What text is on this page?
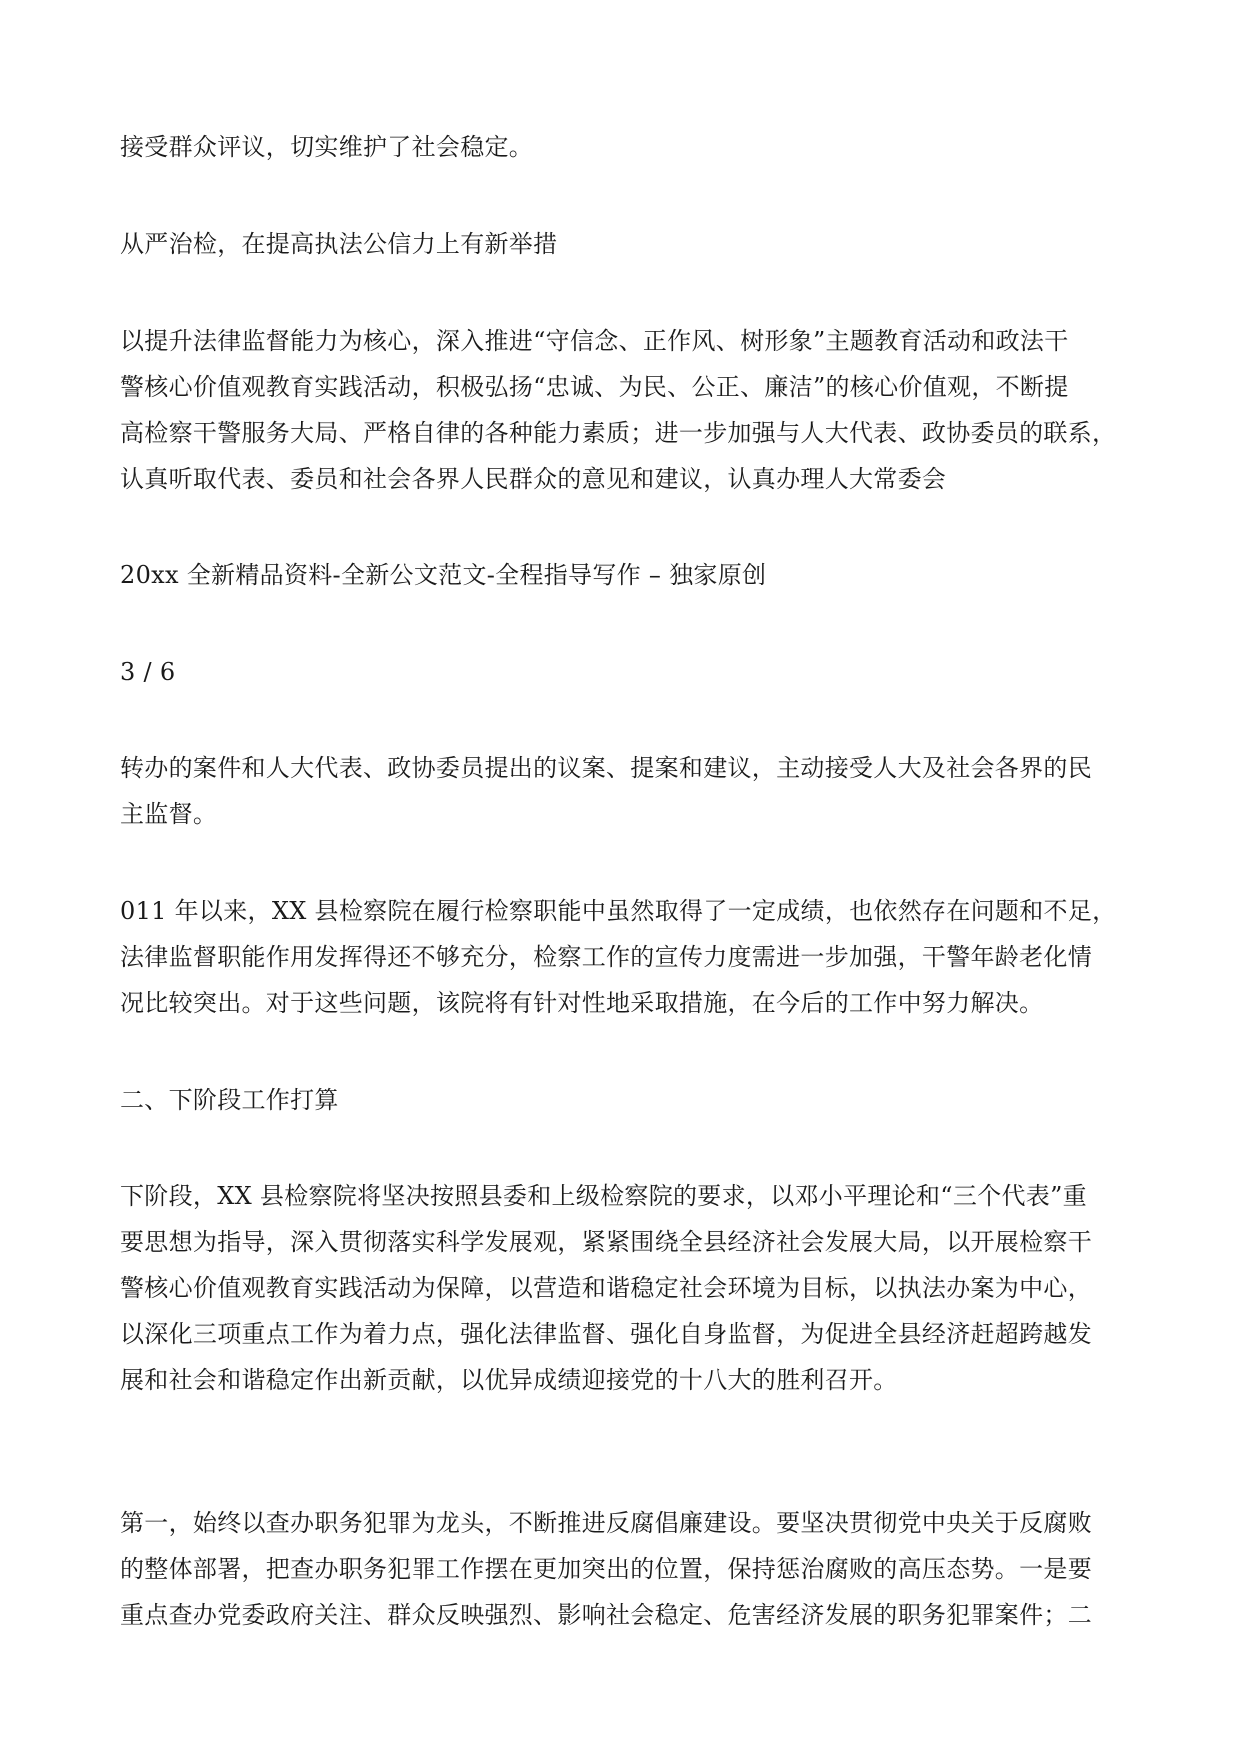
接受群众评议，切实维护了社会稳定。
从严治检，在提高执法公信力上有新举措
以提升法律监督能力为核心，深入推进“守信念、正作风、树形象”主题教育活动和政法干
警核心价值观教育实践活动，积极弘扬“忠诚、为民、公正、廉洁”的核心价值观，不断提
高检察干警服务大局、严格自律的各种能力素质；进一步加强与人大代表、政协委员的联系，
认真听取代表、委员和社会各界人民群众的意见和建议，认真办理人大常委会
20xx 全新精品资料-全新公文范文-全程指导写作 – 独家原创
3 / 6
转办的案件和人大代表、政协委员提出的议案、提案和建议，主动接受人大及社会各界的民
主监督。
011 年以来，XX 县检察院在履行检察职能中虽然取得了一定成绩，也依然存在问题和不足，
法律监督职能作用发挥得还不够充分，检察工作的宣传力度需进一步加强，干警年龄老化情
况比较突出。对于这些问题，该院将有针对性地采取措施，在今后的工作中努力解决。
二、下阶段工作打算
下阶段，XX 县检察院将坚决按照县委和上级检察院的要求，以邓小平理论和“三个代表”重
要思想为指导，深入贯彻落实科学发展观，紧紧围绕全县经济社会发展大局，以开展检察干
警核心价值观教育实践活动为保障，以营造和谐稳定社会环境为目标，以执法办案为中心，
以深化三项重点工作为着力点，强化法律监督、强化自身监督，为促进全县经济赶超跨越发
展和社会和谐稳定作出新贡献，以优异成绩迎接党的十八大的胜利召开。
第一，始终以查办职务犯罪为龙头，不断推进反腐倡廉建设。要坚决贯彻党中央关于反腐败
的整体部署，把查办职务犯罪工作摆在更加突出的位置，保持惩治腐败的高压态势。一是要
重点查办党委政府关注、群众反映强烈、影响社会稳定、危害经济发展的职务犯罪案件；二
